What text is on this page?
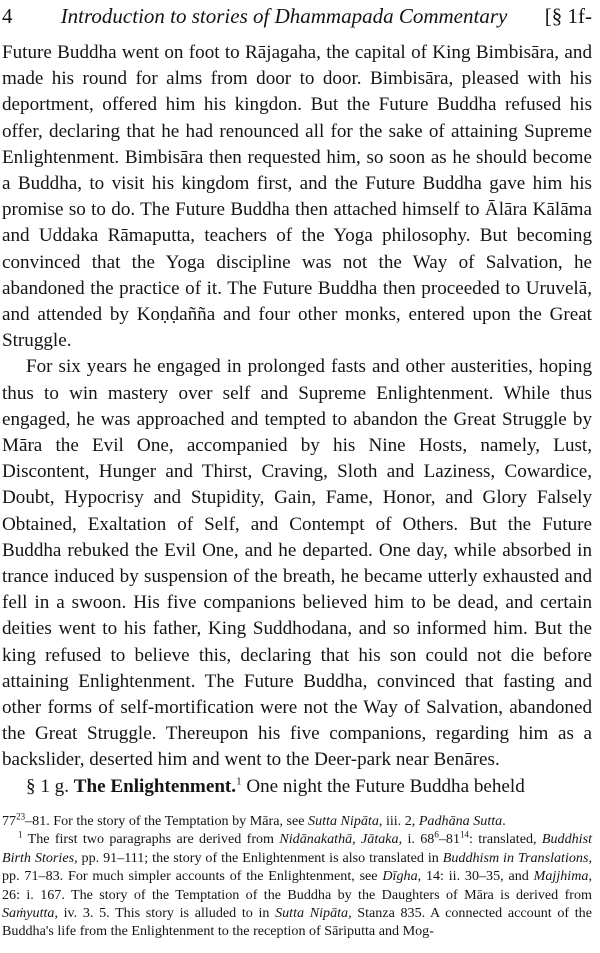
4	Introduction to stories of Dhammapada Commentary	[§ 1f-

Future Buddha went on foot to Rājagaha, the capital of King Bimbisāra, and made his round for alms from door to door. Bimbisāra, pleased with his deportment, offered him his kingdon. But the Future Buddha refused his offer, declaring that he had renounced all for the sake of attaining Supreme Enlightenment. Bimbisāra then requested him, so soon as he should become a Buddha, to visit his kingdom first, and the Future Buddha gave him his promise so to do. The Future Buddha then attached himself to Ālāra Kālāma and Uddaka Rāmaputta, teachers of the Yoga philosophy. But becoming convinced that the Yoga discipline was not the Way of Salvation, he abandoned the practice of it. The Future Buddha then proceeded to Uruvelā, and attended by Koṇḍañña and four other monks, entered upon the Great Struggle.

For six years he engaged in prolonged fasts and other austerities, hoping thus to win mastery over self and Supreme Enlightenment. While thus engaged, he was approached and tempted to abandon the Great Struggle by Māra the Evil One, accompanied by his Nine Hosts, namely, Lust, Discontent, Hunger and Thirst, Craving, Sloth and Laziness, Cowardice, Doubt, Hypocrisy and Stupidity, Gain, Fame, Honor, and Glory Falsely Obtained, Exaltation of Self, and Contempt of Others. But the Future Buddha rebuked the Evil One, and he departed. One day, while absorbed in trance induced by suspension of the breath, he became utterly exhausted and fell in a swoon. His five companions believed him to be dead, and certain deities went to his father, King Suddhodana, and so informed him. But the king refused to believe this, declaring that his son could not die before attaining Enlightenment. The Future Buddha, convinced that fasting and other forms of self-mortification were not the Way of Salvation, abandoned the Great Struggle. Thereupon his five companions, regarding him as a backslider, deserted him and went to the Deer-park near Benāres.

§ 1 g. The Enlightenment.$^1$ One night the Future Buddha beheld

$77^{23}-81$. For the story of the Temptation by Māra, see Sutta Nipāta, iii. 2, Padhāna Sutta.

$^1$ The first two paragraphs are derived from Nidānakathā, Jātaka, i. $68^6-81^{14}$: translated, Buddhist Birth Stories, pp. 91–111; the story of the Enlightenment is also translated in Buddhism in Translations, pp. 71–83. For much simpler accounts of the Enlightenment, see Dīgha, 14: ii. 30–35, and Majjhima, 26: i. 167. The story of the Temptation of the Buddha by the Daughters of Māra is derived from Saṁyutta, iv. 3. 5. This story is alluded to in Sutta Nipāta, Stanza 835. A connected account of the Buddha's life from the Enlightenment to the reception of Sāriputta and Mog-
